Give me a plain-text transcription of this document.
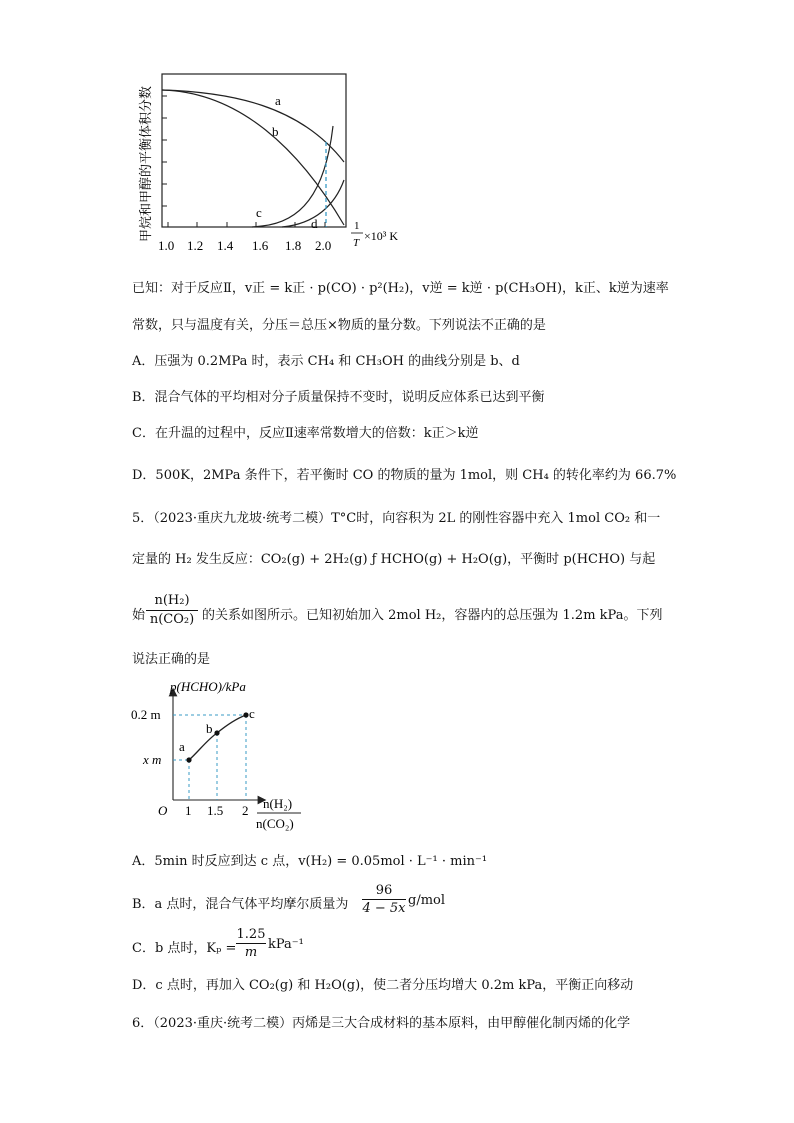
a
b
c
d
1.0 1.2 1.4 1.6 1.8 2.0
1
T ×10³ K
甲烷和甲醇的平衡体积分数
已知：对于反应Ⅱ，v正 = k正 · p(CO) · p²(H₂)，v逆 = k逆 · p(CH₃OH)，k正、k逆为速率
常数，只与温度有关，分压＝总压×物质的量分数。下列说法不正确的是
A．压强为 0.2MPa 时，表示 CH₄ 和 CH₃OH 的曲线分别是 b、d
B．混合气体的平均相对分子质量保持不变时，说明反应体系已达到平衡
C．在升温的过程中，反应Ⅱ速率常数增大的倍数：k正＞k逆
D．500K，2MPa 条件下，若平衡时 CO 的物质的量为 1mol，则 CH₄ 的转化率约为 66.7%
5．（2023·重庆九龙坡·统考二模）T°C时，向容积为 2L 的刚性容器中充入 1mol CO₂ 和一
定量的 H₂ 发生反应：CO₂(g) + 2H₂(g) ƒ HCHO(g) + H₂O(g)，平衡时 p(HCHO) 与起
始 $\frac{\text{n(H₂)}}{\text{n(CO₂)}}$ 的关系如图所示。已知初始加入 2mol H₂，容器内的总压强为 1.2m kPa。下列
说法正确的是
a
b
c
p(HCHO)/kPa
0.2 m
x m
O 1 1.5 2 n(H₂)
n(CO₂)
A．5min 时反应到达 c 点，v(H₂) = 0.05mol · L⁻¹ · min⁻¹
B．a 点时，混合气体平均摩尔质量为 $\frac{96}{4 - 5x} g/mol$
C．b 点时，$K_p = \frac{1.25}{m} kPa^{-1}$
D．c 点时，再加入 CO₂(g) 和 H₂O(g)，使二者分压均增大 0.2m kPa，平衡正向移动
6．（2023·重庆·统考二模）丙烯是三大合成材料的基本原料，由甲醇催化制丙烯的化学
